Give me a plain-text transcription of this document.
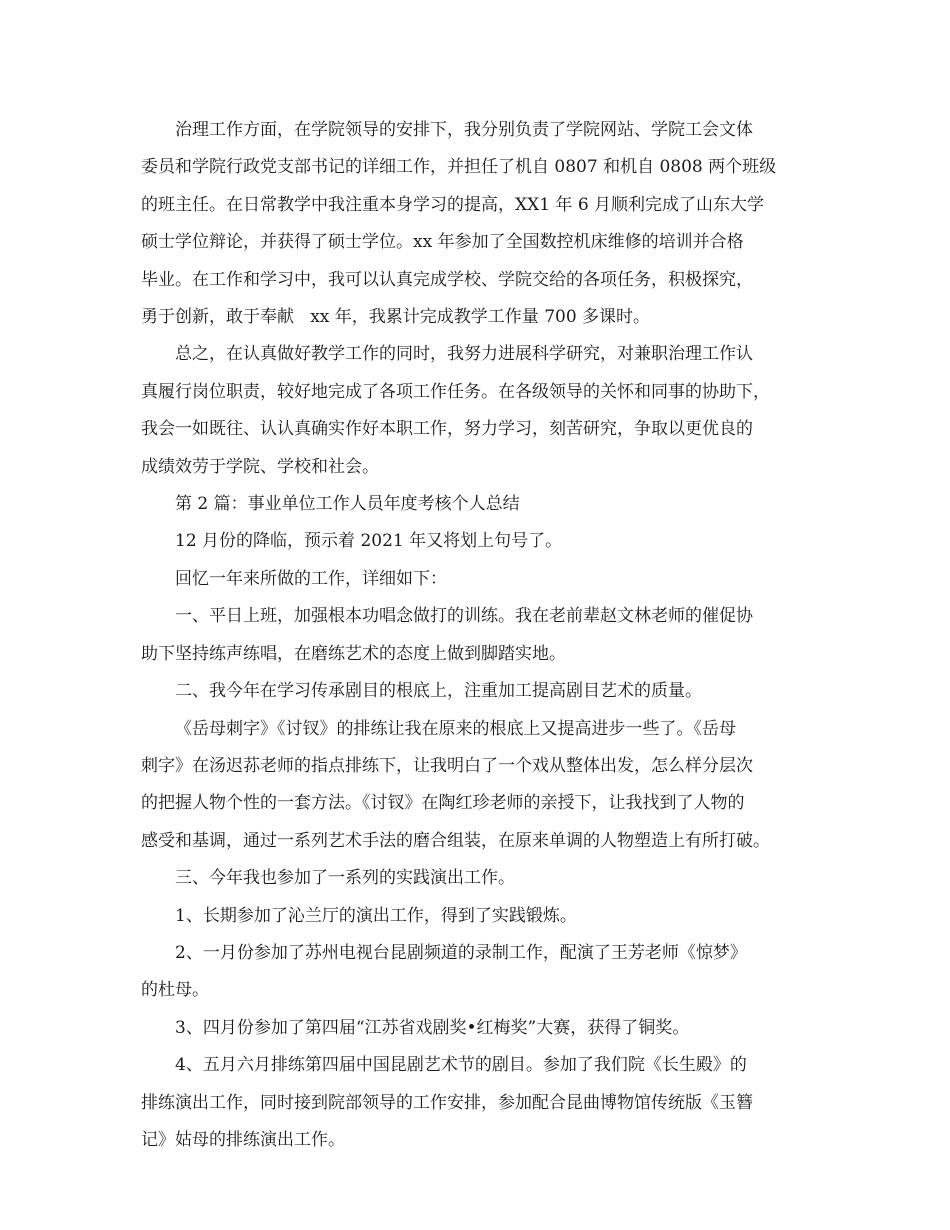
治理工作方面，在学院领导的安排下，我分别负责了学院网站、学院工会文体
委员和学院行政党支部书记的详细工作，并担任了机自 0807 和机自 0808 两个班级
的班主任。在日常教学中我注重本身学习的提高，XX1 年 6 月顺利完成了山东大学
硕士学位辩论，并获得了硕士学位。xx 年参加了全国数控机床维修的培训并合格
毕业。在工作和学习中，我可以认真完成学校、学院交给的各项任务，积极探究，
勇于创新，敢于奉献   xx 年，我累计完成教学工作量 700 多课时。
总之，在认真做好教学工作的同时，我努力进展科学研究，对兼职治理工作认
真履行岗位职责，较好地完成了各项工作任务。在各级领导的关怀和同事的协助下，
我会一如既往、认认真确实作好本职工作，努力学习，刻苦研究，争取以更优良的
成绩效劳于学院、学校和社会。
第 2 篇：事业单位工作人员年度考核个人总结
12 月份的降临，预示着 2021 年又将划上句号了。
回忆一年来所做的工作，详细如下：
一、平日上班，加强根本功唱念做打的训练。我在老前辈赵文林老师的催促协
助下坚持练声练唱，在磨练艺术的态度上做到脚踏实地。
二、我今年在学习传承剧目的根底上，注重加工提高剧目艺术的质量。
《岳母刺字》《讨钗》的排练让我在原来的根底上又提高进步一些了。《岳母
刺字》在汤迟荪老师的指点排练下，让我明白了一个戏从整体出发，怎么样分层次
的把握人物个性的一套方法。《讨钗》在陶红珍老师的亲授下，让我找到了人物的
感受和基调，通过一系列艺术手法的磨合组装，在原来单调的人物塑造上有所打破。
三、今年我也参加了一系列的实践演出工作。
1、长期参加了沁兰厅的演出工作，得到了实践锻炼。
2、一月份参加了苏州电视台昆剧频道的录制工作，配演了王芳老师《惊梦》
的杜母。
3、四月份参加了第四届“江苏省戏剧奖•红梅奖”大赛，获得了铜奖。
4、五月六月排练第四届中国昆剧艺术节的剧目。参加了我们院《长生殿》的
排练演出工作，同时接到院部领导的工作安排，参加配合昆曲博物馆传统版《玉簪
记》姑母的排练演出工作。
